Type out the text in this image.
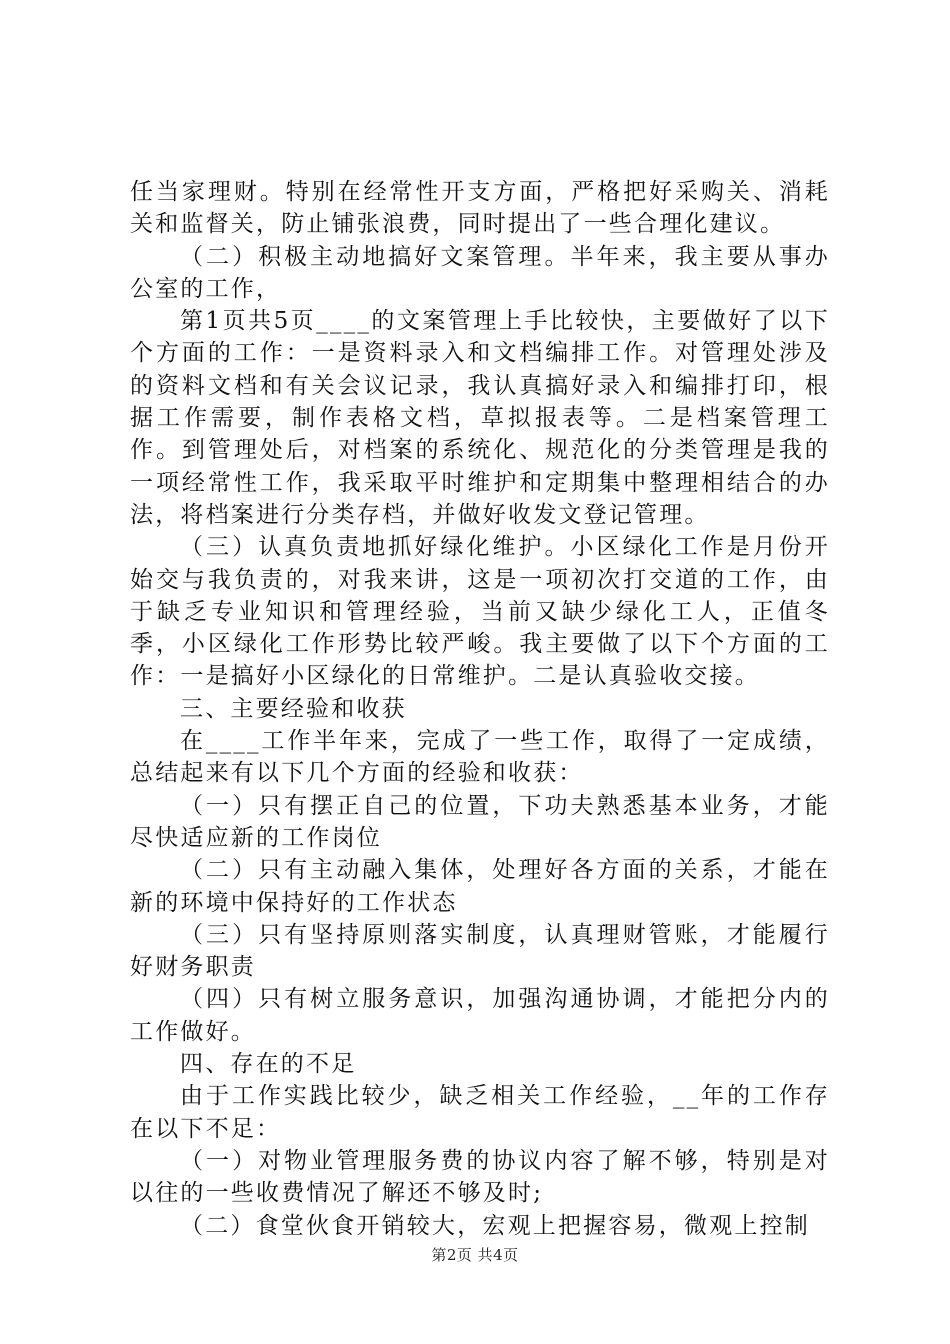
任当家理财。特别在经常性开支方面，严格把好采购关、消耗关和监督关，防止铺张浪费，同时提出了一些合理化建议。

（二）积极主动地搞好文案管理。半年来，我主要从事办公室的工作，

第1页共5页____的文案管理上手比较快，主要做好了以下个方面的工作：一是资料录入和文档编排工作。对管理处涉及的资料文档和有关会议记录，我认真搞好录入和编排打印，根据工作需要，制作表格文档，草拟报表等。二是档案管理工作。到管理处后，对档案的系统化、规范化的分类管理是我的一项经常性工作，我采取平时维护和定期集中整理相结合的办法，将档案进行分类存档，并做好收发文登记管理。

（三）认真负责地抓好绿化维护。小区绿化工作是月份开始交与我负责的，对我来讲，这是一项初次打交道的工作，由于缺乏专业知识和管理经验，当前又缺少绿化工人，正值冬季，小区绿化工作形势比较严峻。我主要做了以下个方面的工作：一是搞好小区绿化的日常维护。二是认真验收交接。

三、主要经验和收获

在____工作半年来，完成了一些工作，取得了一定成绩，总结起来有以下几个方面的经验和收获：

（一）只有摆正自己的位置，下功夫熟悉基本业务，才能尽快适应新的工作岗位

（二）只有主动融入集体，处理好各方面的关系，才能在新的环境中保持好的工作状态

（三）只有坚持原则落实制度，认真理财管账，才能履行好财务职责

（四）只有树立服务意识，加强沟通协调，才能把分内的工作做好。

四、存在的不足

由于工作实践比较少，缺乏相关工作经验，__年的工作存在以下不足：

（一）对物业管理服务费的协议内容了解不够，特别是对以往的一些收费情况了解还不够及时;

（二）食堂伙食开销较大，宏观上把握容易，微观上控制

第2页 共4页
